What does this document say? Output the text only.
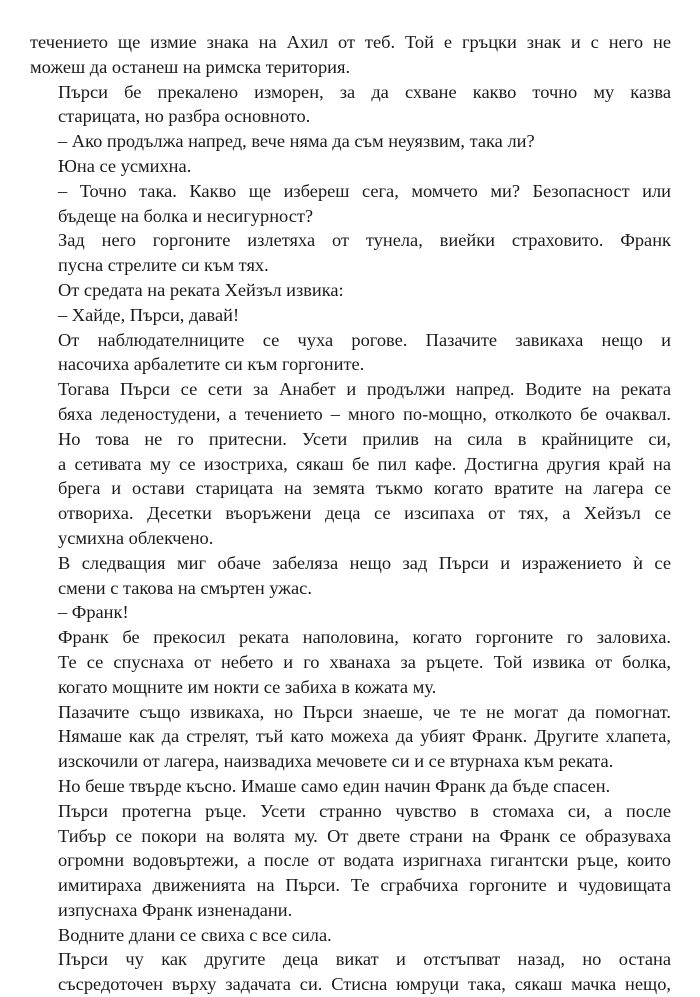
течението ще измие знака на Ахил от теб. Той е гръцки знак и с него не
можеш да останеш на римска територия.

Пърси бе прекалено изморен, за да схване какво точно му казва
старицата, но разбра основното.

– Ако продължа напред, вече няма да съм неуязвим, така ли?

Юна се усмихна.

– Точно така. Какво ще избереш сега, момчето ми? Безопасност или
бъдеще на болка и несигурност?

Зад него горгоните излетяха от тунела, виейки страховито. Франк
пусна стрелите си към тях.

От средата на реката Хейзъл извика:

– Хайде, Пърси, давай!

От наблюдателниците се чуха рогове. Пазачите завикаха нещо и
насочиха арбалетите си към горгоните.

Тогава Пърси се сети за Анабет и продължи напред. Водите на реката
бяха леденостудени, а течението – много по-мощно, отколкото бе очаквал.
Но това не го притесни. Усети прилив на сила в крайниците си,
а сетивата му се изостриха, сякаш бе пил кафе. Достигна другия край на
брега и остави старицата на земята тъкмо когато вратите на лагера се
отвориха. Десетки въоръжени деца се изсипаха от тях, а Хейзъл се
усмихна облекчено.

В следващия миг обаче забеляза нещо зад Пърси и изражението ѝ се
смени с такова на смъртен ужас.

– Франк!

Франк бе прекосил реката наполовина, когато горгоните го заловиха.
Те се спуснаха от небето и го хванаха за ръцете. Той извика от болка,
когато мощните им нокти се забиха в кожата му.

Пазачите също извикаха, но Пърси знаеше, че те не могат да помогнат.
Нямаше как да стрелят, тъй като можеха да убият Франк. Другите хлапета,
изскочили от лагера, наизвадиха мечовете си и се втурнаха към реката.

Но беше твърде късно. Имаше само един начин Франк да бъде спасен.

Пърси протегна ръце. Усети странно чувство в стомаха си, а после
Тибър се покори на волята му. От двете страни на Франк се образуваха
огромни водовъртежи, а после от водата изригнаха гигантски ръце, които
имитираха движенията на Пърси. Те сграбчиха горгоните и чудовищата
изпуснаха Франк изненадани.

Водните длани се свиха с все сила.

Пърси чу как другите деца викат и отстъпват назад, но остана
съсредоточен върху задачата си. Стисна юмруци така, сякаш мачка нещо,
